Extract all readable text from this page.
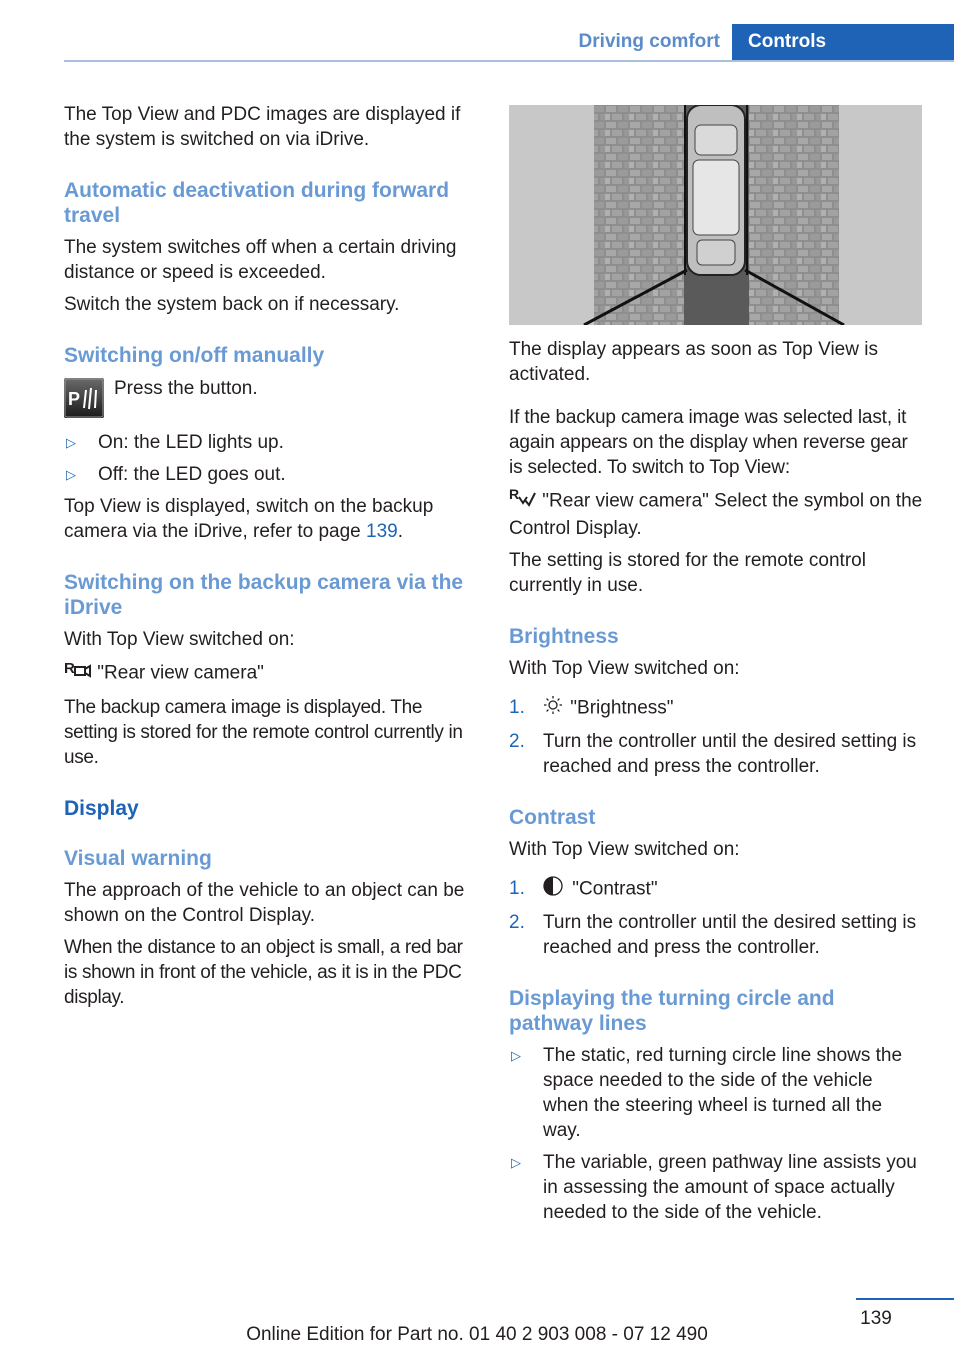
Driving comfort	Controls

The Top View and PDC images are displayed if the system is switched on via iDrive.

Automatic deactivation during forward travel

The system switches off when a certain driving distance or speed is exceeded.

Switch the system back on if necessary.

Switching on/off manually
P Press the button.

▷	On: the LED lights up.
▷	Off: the LED goes out.

Top View is displayed, switch on the backup camera via the iDrive, refer to page 139.

Switching on the backup camera via the iDrive

With Top View switched on:

R "Rear view camera"

The backup camera image is displayed. The setting is stored for the remote control currently in use.

Display
Visual warning

The approach of the vehicle to an object can be shown on the Control Display.

When the distance to an object is small, a red bar is shown in front of the vehicle, as it is in the PDC display.

The display appears as soon as Top View is activated.

If the backup camera image was selected last, it again appears on the display when reverse gear is selected. To switch to Top View:

R "Rear view camera" Select the symbol on the Control Display.

The setting is stored for the remote control currently in use.

Brightness

With Top View switched on:

1.	"Brightness"
2. Turn the controller until the desired setting is reached and press the controller.
Contrast

With Top View switched on:

1.	"Contrast"
2. Turn the controller until the desired setting is reached and press the controller.
Displaying the turning circle and pathway lines
▷	The static, red turning circle line shows the space needed to the side of the vehicle when the steering wheel is turned all the way.
▷	The variable, green pathway line assists you in assessing the amount of space actually needed to the side of the vehicle.
139
Online Edition for Part no. 01 40 2 903 008 - 07 12 490
